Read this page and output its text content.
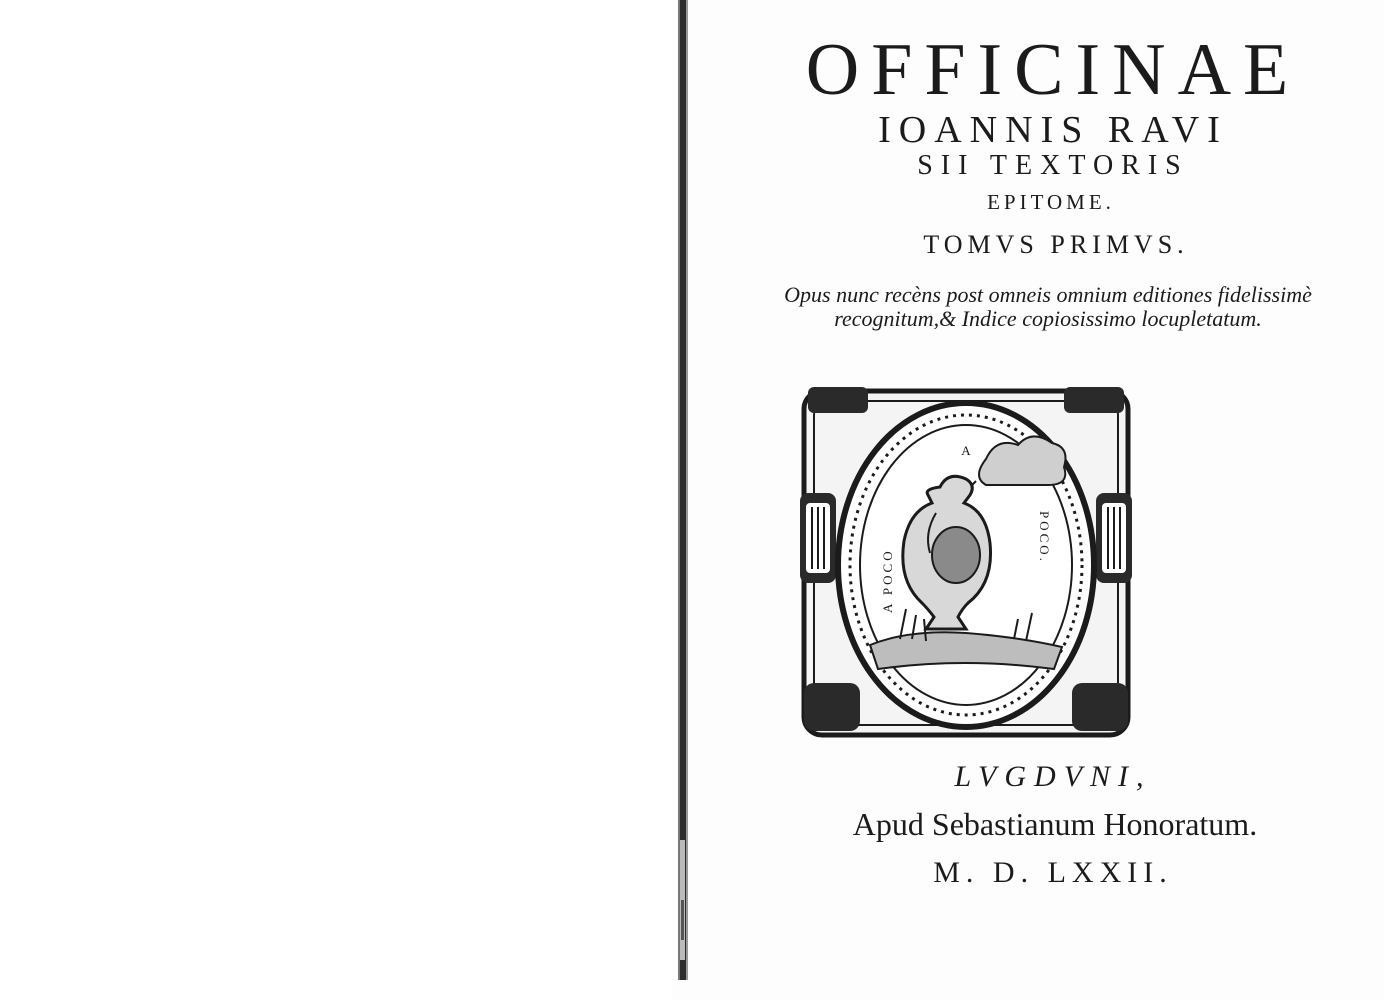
OFFICINAE
IOANNIS RAVI
SII TEXTORIS
EPITOME.
TOMVS PRIMVS.
Opus nunc recèns post omneis omnium editiones fidelissimè
recognitum,& Indice copiosissimo locupletatum.
A
A POCO
POCO.
LVGDVNI,
Apud Sebastianum Honoratum.
M. D. LXXII.
